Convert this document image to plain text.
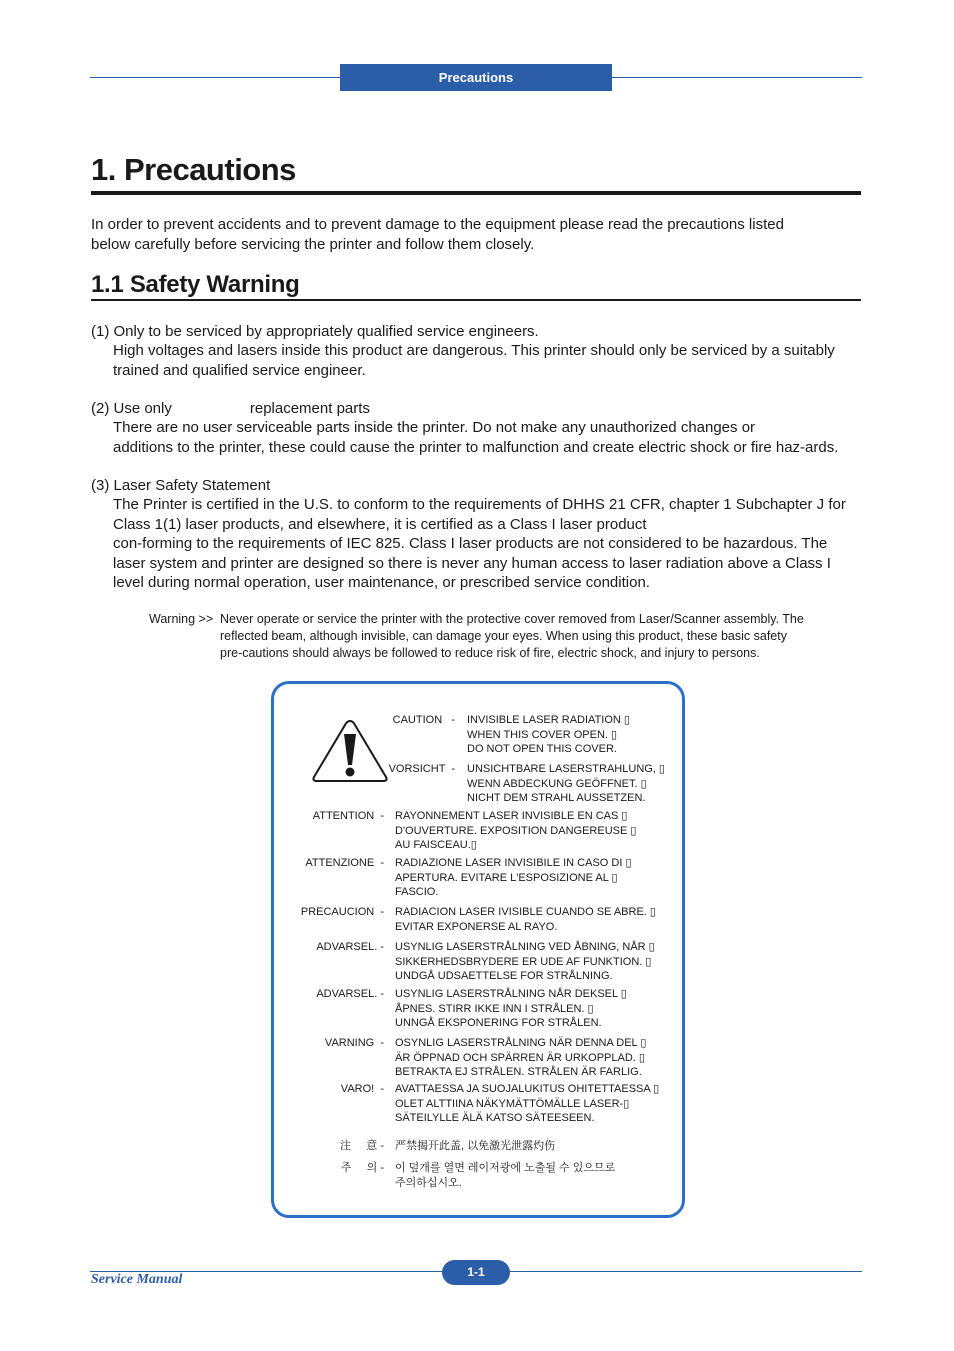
Precautions
1. Precautions
In order to prevent accidents and to prevent damage to the equipment please read the precautions listed
below carefully before servicing the printer and follow them closely.
1.1 Safety Warning
(1) Only to be serviced by appropriately qualified service engineers.
High voltages and lasers inside this product are dangerous. This printer should only be serviced by a suitably
trained and qualified service engineer.
(2) Use only	replacement parts
There are no user serviceable parts inside the printer. Do not make any unauthorized changes or
additions to the printer, these could cause the printer to malfunction and create electric shock or fire haz-ards.
(3) Laser Safety Statement
The Printer is certified in the U.S. to conform to the requirements of DHHS 21 CFR, chapter 1 Subchapter J for
Class 1(1) laser products, and elsewhere, it is certified as a Class I laser product
con-forming to the requirements of IEC 825. Class I laser products are not considered to be hazardous. The
laser system and printer are designed so there is never any human access to laser radiation above a Class I
level during normal operation, user maintenance, or prescribed service condition.
Warning >> Never operate or service the printer with the protective cover removed from Laser/Scanner assembly. The
reflected beam, although invisible, can damage your eyes. When using this product, these basic safety
pre-cautions should always be followed to reduce risk of fire, electric shock, and injury to persons.
CAUTION   - INVISIBLE LASER RADIATION ▯
WHEN THIS COVER OPEN. ▯
DO NOT OPEN THIS COVER.
VORSICHT  - UNSICHTBARE LASERSTRAHLUNG, ▯
WENN ABDECKUNG GEÖFFNET. ▯
NICHT DEM STRAHL AUSSETZEN.
ATTENTION  - RAYONNEMENT LASER INVISIBLE EN CAS ▯
D'OUVERTURE. EXPOSITION DANGEREUSE ▯
AU FAISCEAU.▯
ATTENZIONE  - RADIAZIONE LASER INVISIBILE IN CASO DI ▯
APERTURA. EVITARE L'ESPOSIZIONE AL ▯
FASCIO.
PRECAUCION  - RADIACION LASER IVISIBLE CUANDO SE ABRE. ▯
EVITAR EXPONERSE AL RAYO.
ADVARSEL. - USYNLIG LASERSTRÅLNING VED ÅBNING, NÅR ▯
SIKKERHEDSBRYDERE ER UDE AF FUNKTION. ▯
UNDGÅ UDSAETTELSE FOR STRÅLNING.
ADVARSEL. - USYNLIG LASERSTRÅLNING NÅR DEKSEL ▯
ÅPNES. STIRR IKKE INN I STRÅLEN. ▯
UNNGÅ EKSPONERING FOR STRÅLEN.
VARNING  - OSYNLIG LASERSTRÅLNING NÄR DENNA DEL ▯
ÄR ÖPPNAD OCH SPÄRREN ÄR URKOPPLAD. ▯
BETRAKTA EJ STRÅLEN. STRÅLEN ÄR FARLIG.
VARO!  - AVATTAESSA JA SUOJALUKITUS OHITETTAESSA ▯
OLET ALTTIINA NÄKYMÄTTÖMÄLLE LASER-▯
SÄTEILYLLE ÄLÄ KATSO SÄTEESEEN.
注     意 - 严禁揭开此盖, 以免激光泄露灼伤
주     의 - 이 덮개를 열면 레이저광에 노출될 수 있으므로
주의하십시오.
Service Manual	1-1
